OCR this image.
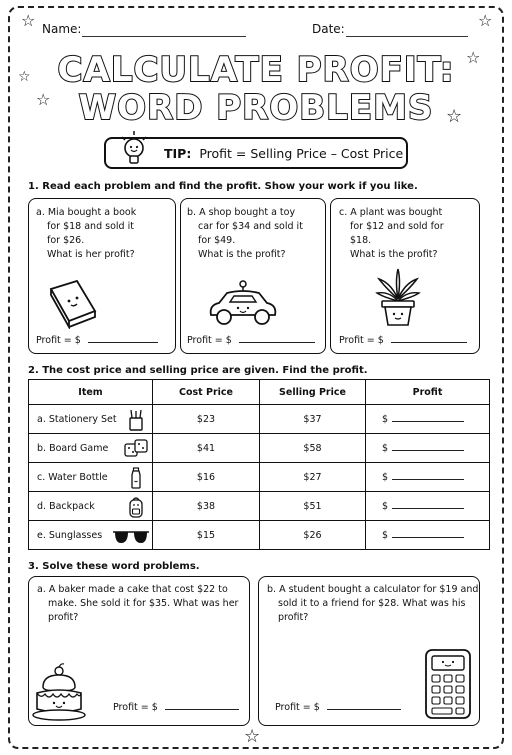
☆	☆
☆
☆
☆
☆
☆
Name:	Date:
CALCULATE PROFIT:
WORD PROBLEMS
TIP: Profit = Selling Price – Cost Price
1. Read each problem and find the profit. Show your work if you like.
a. Mia bought a book
for $18 and sold it
for $26.
What is her profit?
Profit = $
b. A shop bought a toy
car for $34 and sold it
for $49.
What is the profit?
Profit = $
c. A plant was bought
for $12 and sold for
$18.
What is the profit?
Profit = $
2. The cost price and selling price are given. Find the profit.
Item	Cost Price	Selling Price	Profit
a. Stationery Set	$23	$37	$
b. Board Game	$41	$58	$
c. Water Bottle	$16	$27	$
d. Backpack	$38	$51	$
e. Sunglasses	$15	$26	$
3. Solve these word problems.
a. A baker made a cake that cost $22 to
make. She sold it for $35. What was her
profit?
Profit = $
b. A student bought a calculator for $19 and
sold it to a friend for $28. What was his
profit?
Profit = $
